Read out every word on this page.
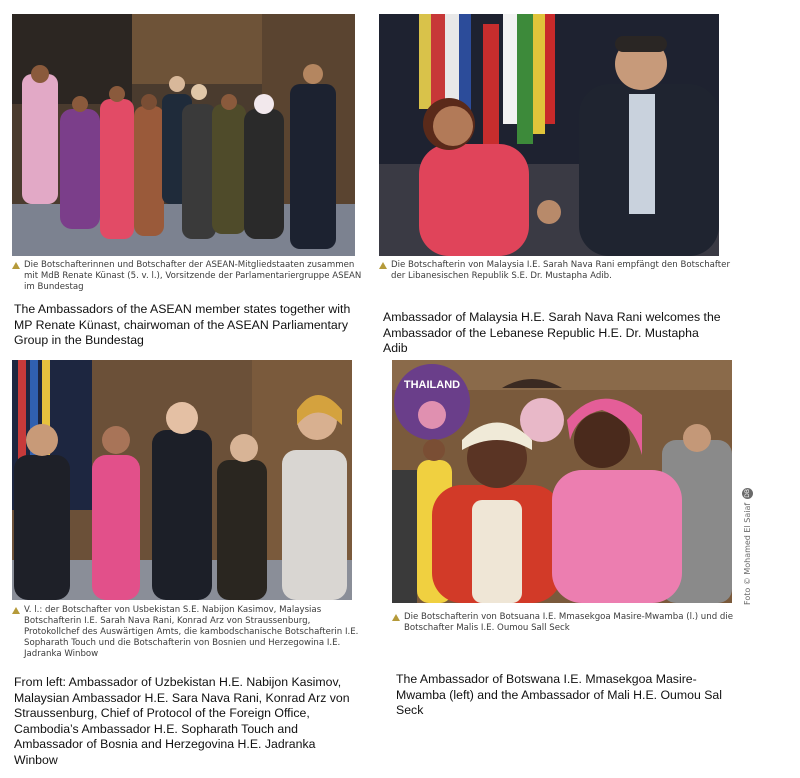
Die Botschafterinnen und Botschafter der ASEAN-Mitgliedstaaten zusammen mit MdB Renate Künast (5. v. l.), Vorsitzende der Parlamentariergruppe ASEAN im Bundestag
The Ambassadors of the ASEAN member states together with MP Renate Künast, chairwoman of the ASEAN Parliamentary Group in the Bundestag
Die Botschafterin von Malaysia I.E. Sarah Nava Rani empfängt den Botschafter der Libanesischen Republik S.E. Dr. Mustapha Adib.
Ambassador of Malaysia H.E. Sarah Nava Rani welcomes the Ambassador of the Lebanese Republic H.E. Dr. Mustapha Adib
V. l.: der Botschafter von Usbekistan S.E. Nabijon Kasimov, Malaysias Botschafterin I.E. Sarah Nava Rani, Konrad Arz von Straussenburg, Protokollchef des Auswärtigen Amts, die kambodschanische Botschafterin I.E. Sopharath Touch und die Botschafterin von Bosnien und Herzegowina I.E. Jadranka Winbow
From left: Ambassador of Uzbekistan H.E. Nabijon Kasimov, Malaysian Ambassador H.E. Sara Nava Rani, Konrad Arz von Straussenburg, Chief of Protocol of the Foreign Office, Cambodia’s Ambassador H.E. Sopharath Touch and Ambassador of Bosnia and Herzegovina H.E. Jadranka Winbow
THAILAND
Die Botschafterin von Botsuana I.E. Mmasekgoa Masire-Mwamba (l.) und die Botschafter Malis I.E. Oumou Sall Seck
The Ambassador of Botswana I.E. Mmasekgoa Masire-Mwamba (left) and the Ambassador of Mali H.E. Oumou Sal Seck
Foto © Mohamed El SaiafDB
